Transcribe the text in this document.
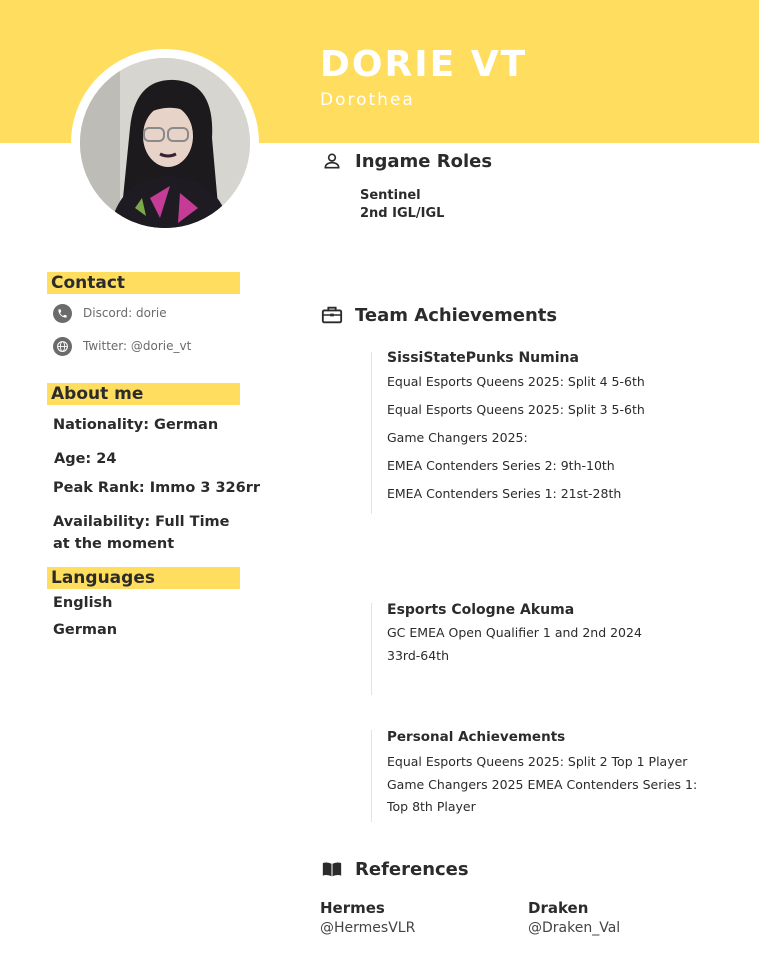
DORIE VT
Dorothea
Contact
Discord: dorie
Twitter: @dorie_vt
About me
Nationality: German
Age: 24
Peak Rank: Immo 3 326rr
Availability: Full Time
at the moment
Languages
English
German
Ingame Roles
Sentinel
2nd IGL/IGL
Team Achievements
SissiStatePunks Numina
Equal Esports Queens 2025: Split 4 5-6th
Equal Esports Queens 2025: Split 3 5-6th
Game Changers 2025:
EMEA Contenders Series 2: 9th-10th
EMEA Contenders Series 1: 21st-28th
Esports Cologne Akuma
GC EMEA Open Qualifier 1 and 2nd 2024
33rd-64th
Personal Achievements
Equal Esports Queens 2025: Split 2 Top 1 Player
Game Changers 2025 EMEA Contenders Series 1:
Top 8th Player
References
Hermes
@HermesVLR
Draken
@Draken_Val
